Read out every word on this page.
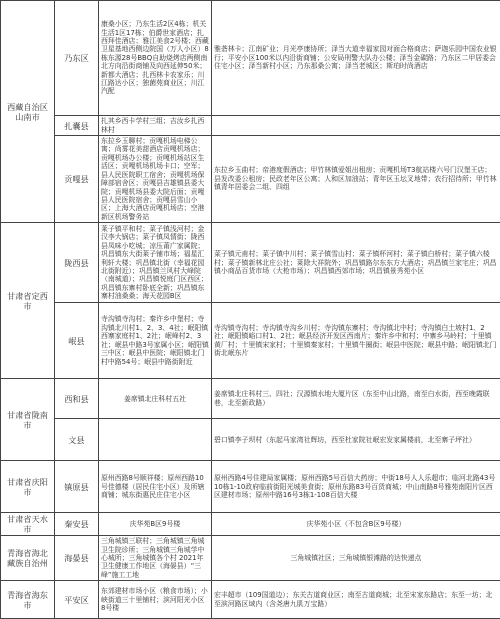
西藏自治区山南市	乃东区	康桑小区；乃东生活2区4栋；机关生活1区17栋；伯爵世家酒店；扎西拜佳酒店；雅江美食2号楼；西藏卫星基地西侧边院国（万人小区）8栋东源28号BBQ自助烧烤店两侧南北方向沿街商铺及向西延伸50米；新都大酒店；扎西林卡农家乐；川江路达小区；独菌苑商业区；川江汽配	雅砻林卡；江南矿业；月光亭康协所；泽当大道幸福家园对面合格商店；萨迦乐园中国农业银行；平安小区100米以内沿街商铺；公安局刑警大队办公楼；泽当金碳路；乃东区二甲居委会住宅小区；泽当新村小区；乃东那桑公寓；泽当老城区；斯珀时尚酒店
	扎囊县	扎其乡西卡学村三组；吉汝乡扎西林村	
	贡嘎县	东拉乡玉聊村；贡嘎机场电梯公寓；尚雾花美甜酒店贡嘎机场店；贡嘎机场办公楼；贡嘎机场站区生活区；贡嘎机场机场卡口；空军；县人民医院职工宿舍；贡嘎机场保障部宿舍区；贡嘎县吉雄镇县委大院；贡嘎机场县委大院后面；贡嘎县人民医院宿舍；贡嘎县雪山小区；上海大酒店贡嘎机场店；空港新区机场警务站	东拉乡玉曲村；帝港度假酒店；甲竹林镇爱姐出租房；贡嘎机场T3航站楼六号门汉堡王店；县发改委公租房；民政老年区公寓；人和区加油站；青年区玉坛叉地带；农行招待所；甲竹林镇青年居委会二组、四组
甘肃省定西市	陇西县	莱子镇平和村；菜子镇浅河村；金汉李大锅店；菜子镇凤情街；陇西县凤味小吃城；凉压莆广家属院；巩昌镇东大街莱子铺市场；福星汇利轩大楼；巩昌镇北街（幸福花园北街附近）；巩昌镇兰风村大峰院（南城道）；巩昌镇悦庭门区西区；巩昌镇东寨村卧底全新；巩昌镇东寨村油桑桑；海天花园B区	菜子镇元甫村；菜子镇中川村；菜子镇雪山村；菜子镇杯河村；菜子镇白桥村；菜子镇六棱村；菜子镇新林北庄公社；莱除大祥院外；巩昌镇路尔东东方大酒店；巩昌镇兰家宅庄；巩昌镇小商品百货市场（大枪市场）；巩昌镇西郊市场；巩昌镇景秀苑小区
	岷县	寺沟镇寺沟村；秦许乡中堡村；寺沟镇北川村1、2、3、4社；岷阳镇西寨家庭村1、2社；岷峰村2、3社；岷县中路3号家属小区；岷阳镇三中区；岷县中医院；岷阳镇北门村中路54号；岷县中路街附近	寺沟镇寺沟村；寺沟镇寺沟乡川村；寺沟镇东寨村；寺沟镇北中村；寺沟镇白土坡村1、2社；岷阳镇峪口村1、2社；岷县经济开发区西南片；秦许乡中和村；中寨乡马岭村；十里镇黄厂村；十里镇宋家村；十里镇秦家村；十里镇牛圈街；岷县中医院；岷县中路；岷阳镇北门街北岷东片
甘肃省陇南市	西和县	姜席镇北庄科村五社	姜席镇北庄科村三、四社；汉源镇水地大厦片区（东至中山北路，南至白水街，西至晚霞联巷，北至新政路）
	文县		碧口镇李子坝村（东起马家湾社辉坊，西至杜家院社岷宏发家属楼前，北至寨子坪社）
甘肃省庆阳市	镇原县	原州西路8号顺祥楼；原州西路10号佳德楼（居民住宅小区）及所辖商铺；城东街惠民庄住宅小区	原州西路4号住建局家属楼；原州西路5号百信大药房；中街18号人人乐超市；临河北路43号10栋1-10政府临前街阳光城美食街；原州东路83号百货商城；中山南路8号雅苑南阳片区西区建材市场；原州中路16号3栋1-108百信大楼
甘肃省天水市	秦安县	庆华苑B区9号楼	庆华苑小区（不包含B区9号楼）
青海省海北藏族自治州	海晏县	三角城镇三联村；三角城镇三角城卫生院诊所；三角城镇三角城学中心城所；三角城镇各个村 2021年卫生健康工作地区（海晏县）“三峰”施工工地	三角城镇社区；三角城镇银滩路的达快递点
青海省海东市	平安区	东郊建材市场小区（粮食市场）；小峡街道三十里铺村；滨河阳光小区 8号楼	宏丰超市（109国道边）；东关古道商业区；南至古道商城；北至宋家东路店；东至一坊；北至滨河路区域内（含尧唐九肌万宝路）
